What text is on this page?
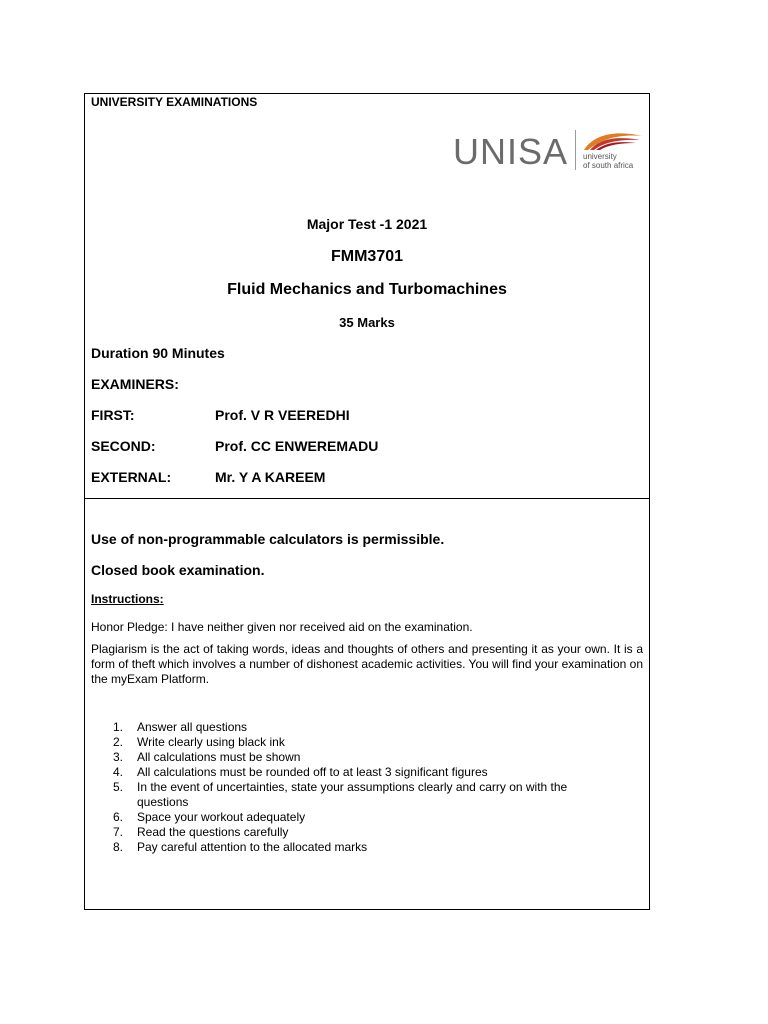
UNIVERSITY EXAMINATIONS
UNISA university
of south africa
Major Test -1 2021
FMM3701
Fluid Mechanics and Turbomachines
35 Marks
Duration 90 Minutes
EXAMINERS:
FIRST:	Prof. V R VEEREDHI
SECOND:	Prof. CC ENWEREMADU
EXTERNAL:	Mr. Y A KAREEM
Use of non-programmable calculators is permissible.
Closed book examination.
Instructions:
Honor Pledge: I have neither given nor received aid on the examination.
Plagiarism is the act of taking words, ideas and thoughts of others and presenting it as your own. It is a form of theft which involves a number of dishonest academic activities. You will find your examination on the myExam Platform.
1. Answer all questions
2. Write clearly using black ink
3. All calculations must be shown
4. All calculations must be rounded off to at least 3 significant figures
5. In the event of uncertainties, state your assumptions clearly and carry on with the questions
6. Space your workout adequately
7. Read the questions carefully
8. Pay careful attention to the allocated marks
